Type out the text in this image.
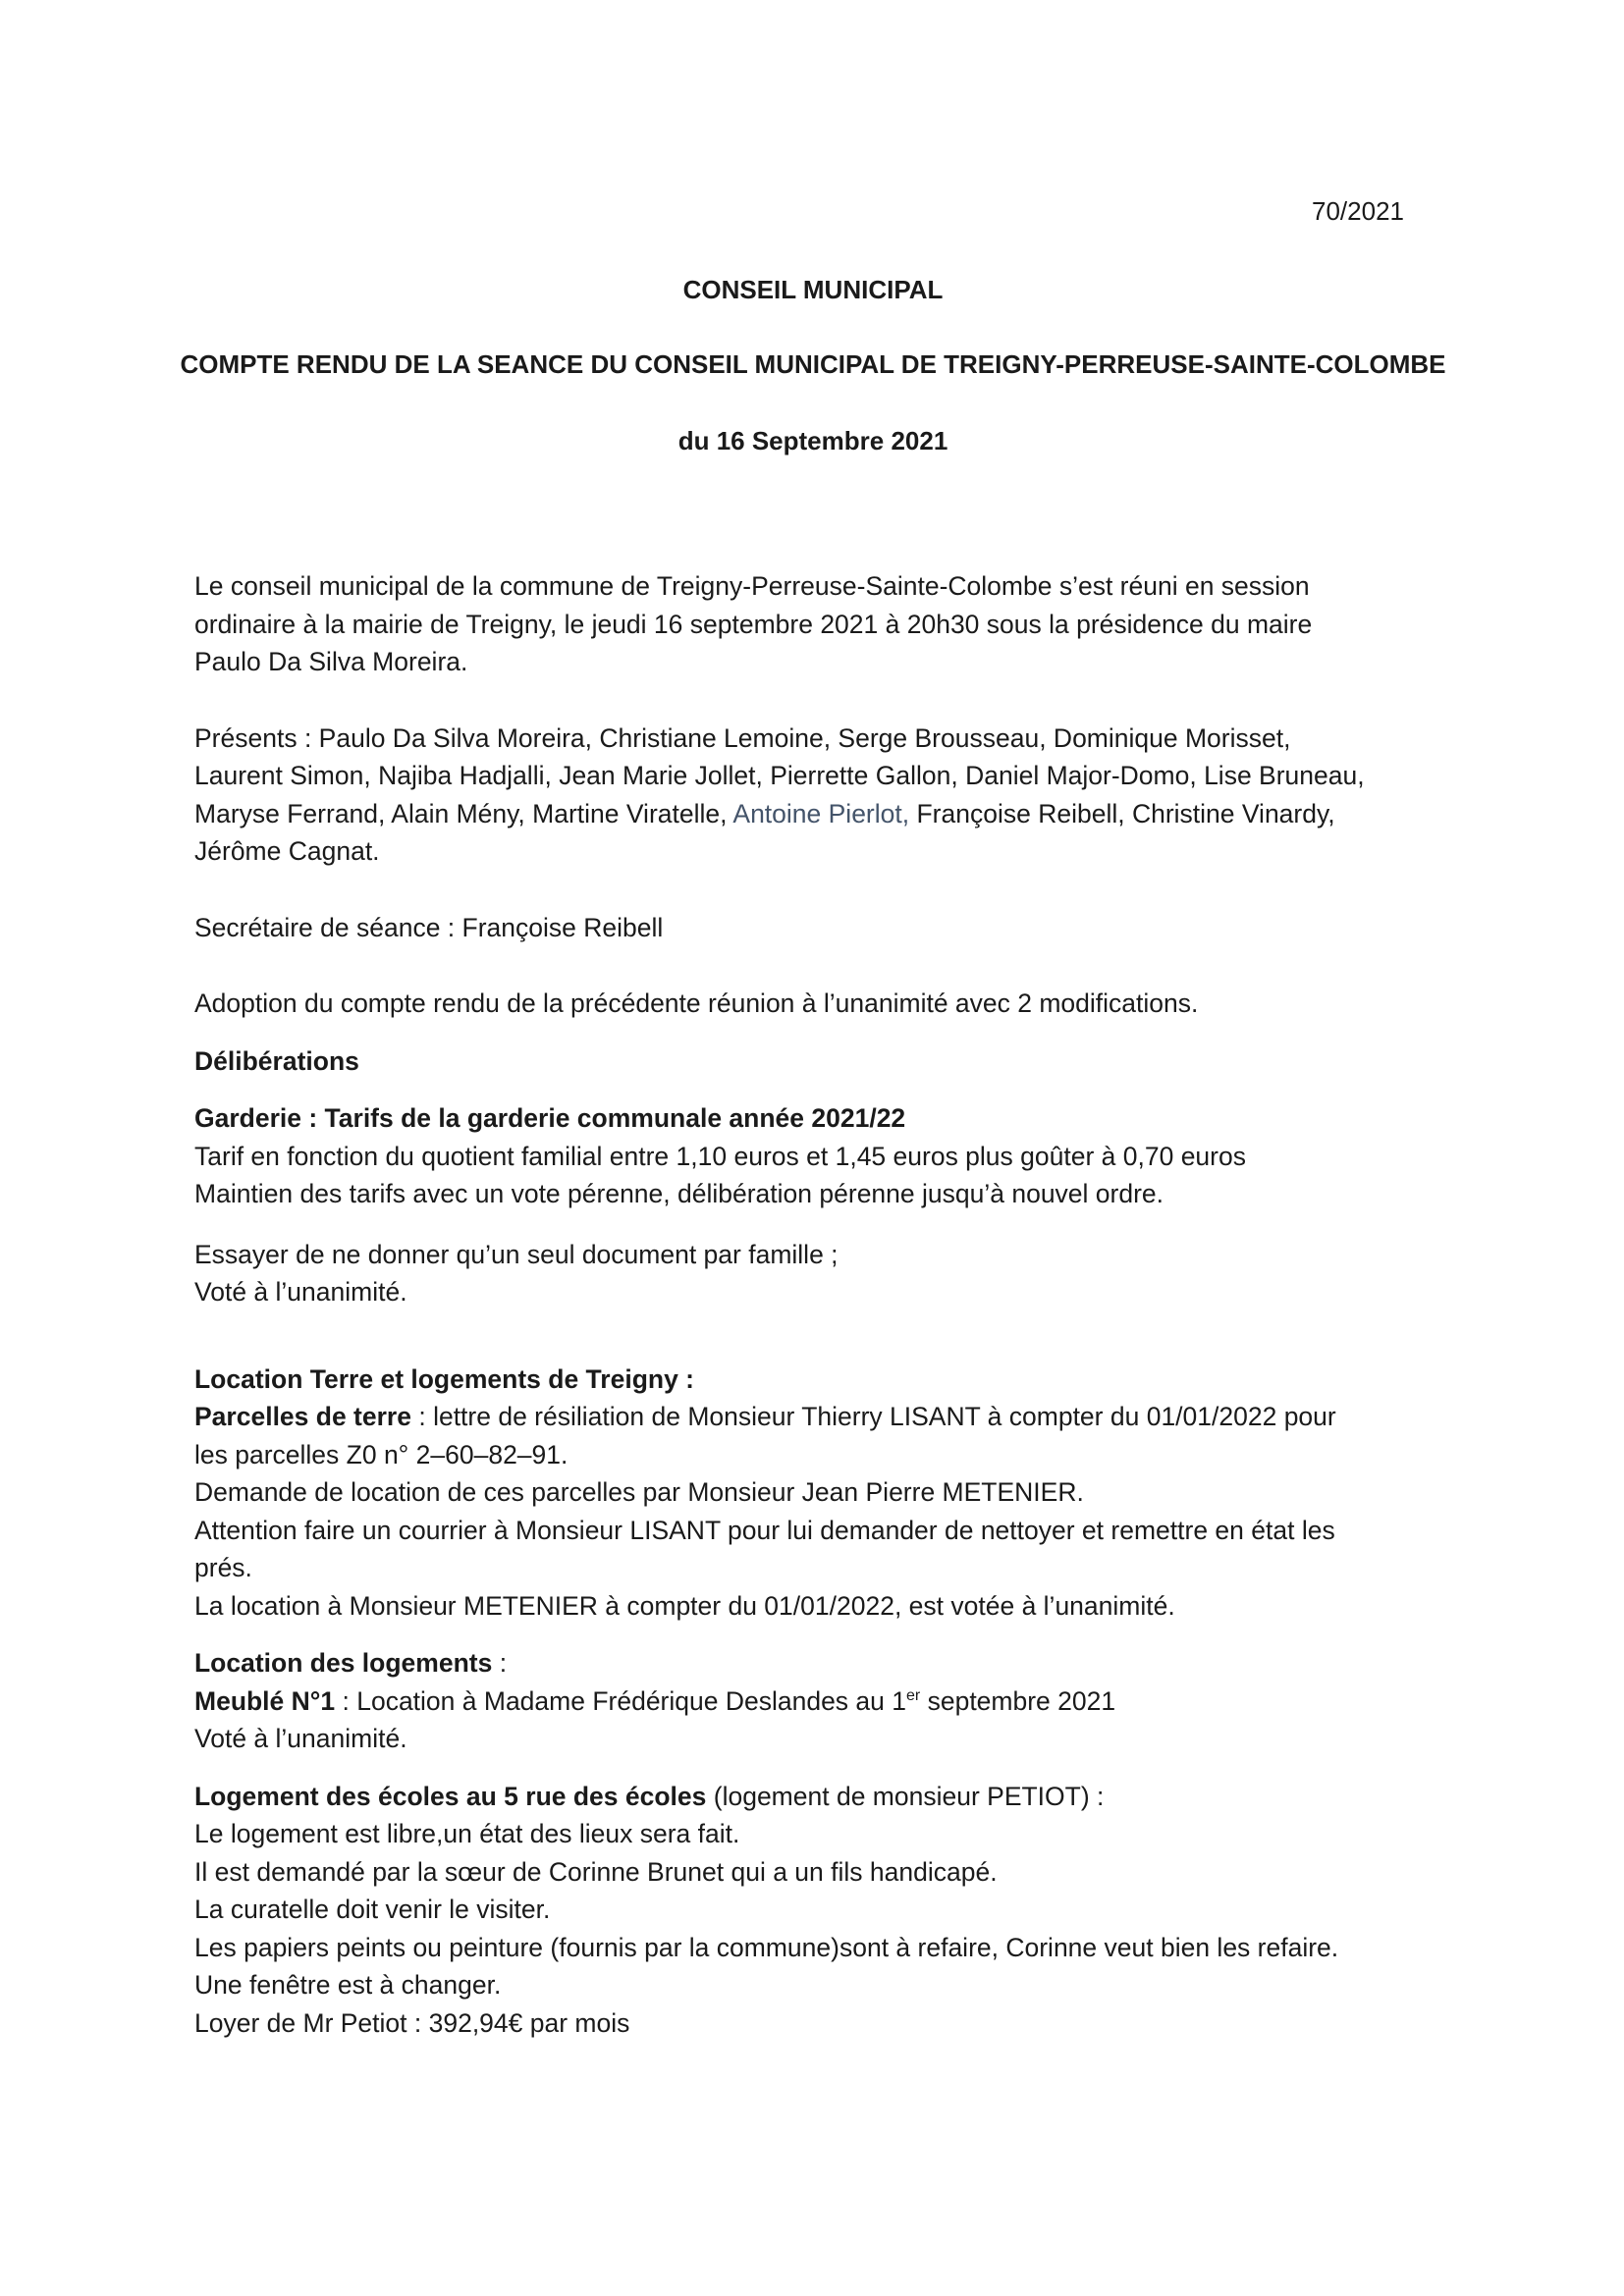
70/2021
CONSEIL MUNICIPAL
COMPTE RENDU DE LA SEANCE DU CONSEIL MUNICIPAL DE TREIGNY-PERREUSE-SAINTE-COLOMBE
du 16 Septembre 2021

Le conseil municipal de la commune de Treigny-Perreuse-Sainte-Colombe s’est réuni en session

ordinaire à la mairie de Treigny, le jeudi 16 septembre 2021 à 20h30 sous la présidence du maire

Paulo Da Silva Moreira.

Présents : Paulo Da Silva Moreira, Christiane Lemoine, Serge Brousseau, Dominique Morisset,

Laurent Simon, Najiba Hadjalli, Jean Marie Jollet, Pierrette Gallon, Daniel Major-Domo, Lise Bruneau,

Maryse Ferrand, Alain Mény, Martine Viratelle, Antoine Pierlot, Françoise Reibell, Christine Vinardy,

Jérôme Cagnat.

Secrétaire de séance : Françoise Reibell

Adoption du compte rendu de la précédente réunion à l’unanimité avec 2 modifications.

Délibérations

Garderie : Tarifs de la garderie communale année 2021/22

Tarif en fonction du quotient familial entre 1,10 euros et 1,45 euros plus goûter à 0,70 euros

Maintien des tarifs avec un vote pérenne, délibération pérenne jusqu’à nouvel ordre.

Essayer de ne donner qu’un seul document par famille ;

Voté à l’unanimité.

Location Terre et logements de Treigny :

Parcelles de terre : lettre de résiliation de Monsieur Thierry LISANT à compter du 01/01/2022 pour

les parcelles Z0 n° 2–60–82–91.

Demande de location de ces parcelles par Monsieur Jean Pierre METENIER.

Attention faire un courrier à Monsieur LISANT pour lui demander de nettoyer et remettre en état les

prés.

La location à Monsieur METENIER à compter du 01/01/2022, est votée à l’unanimité.

Location des logements :

Meublé N°1 : Location à Madame Frédérique Deslandes au 1er septembre 2021

Voté à l’unanimité.

Logement des écoles au 5 rue des écoles (logement de monsieur PETIOT) :

Le logement est libre,un état des lieux sera fait.

Il est demandé par la sœur de Corinne Brunet qui a un fils handicapé.

La curatelle doit venir le visiter.

Les papiers peints ou peinture (fournis par la commune)sont à refaire, Corinne veut bien les refaire.

Une fenêtre est à changer.

Loyer de Mr Petiot : 392,94€ par mois
